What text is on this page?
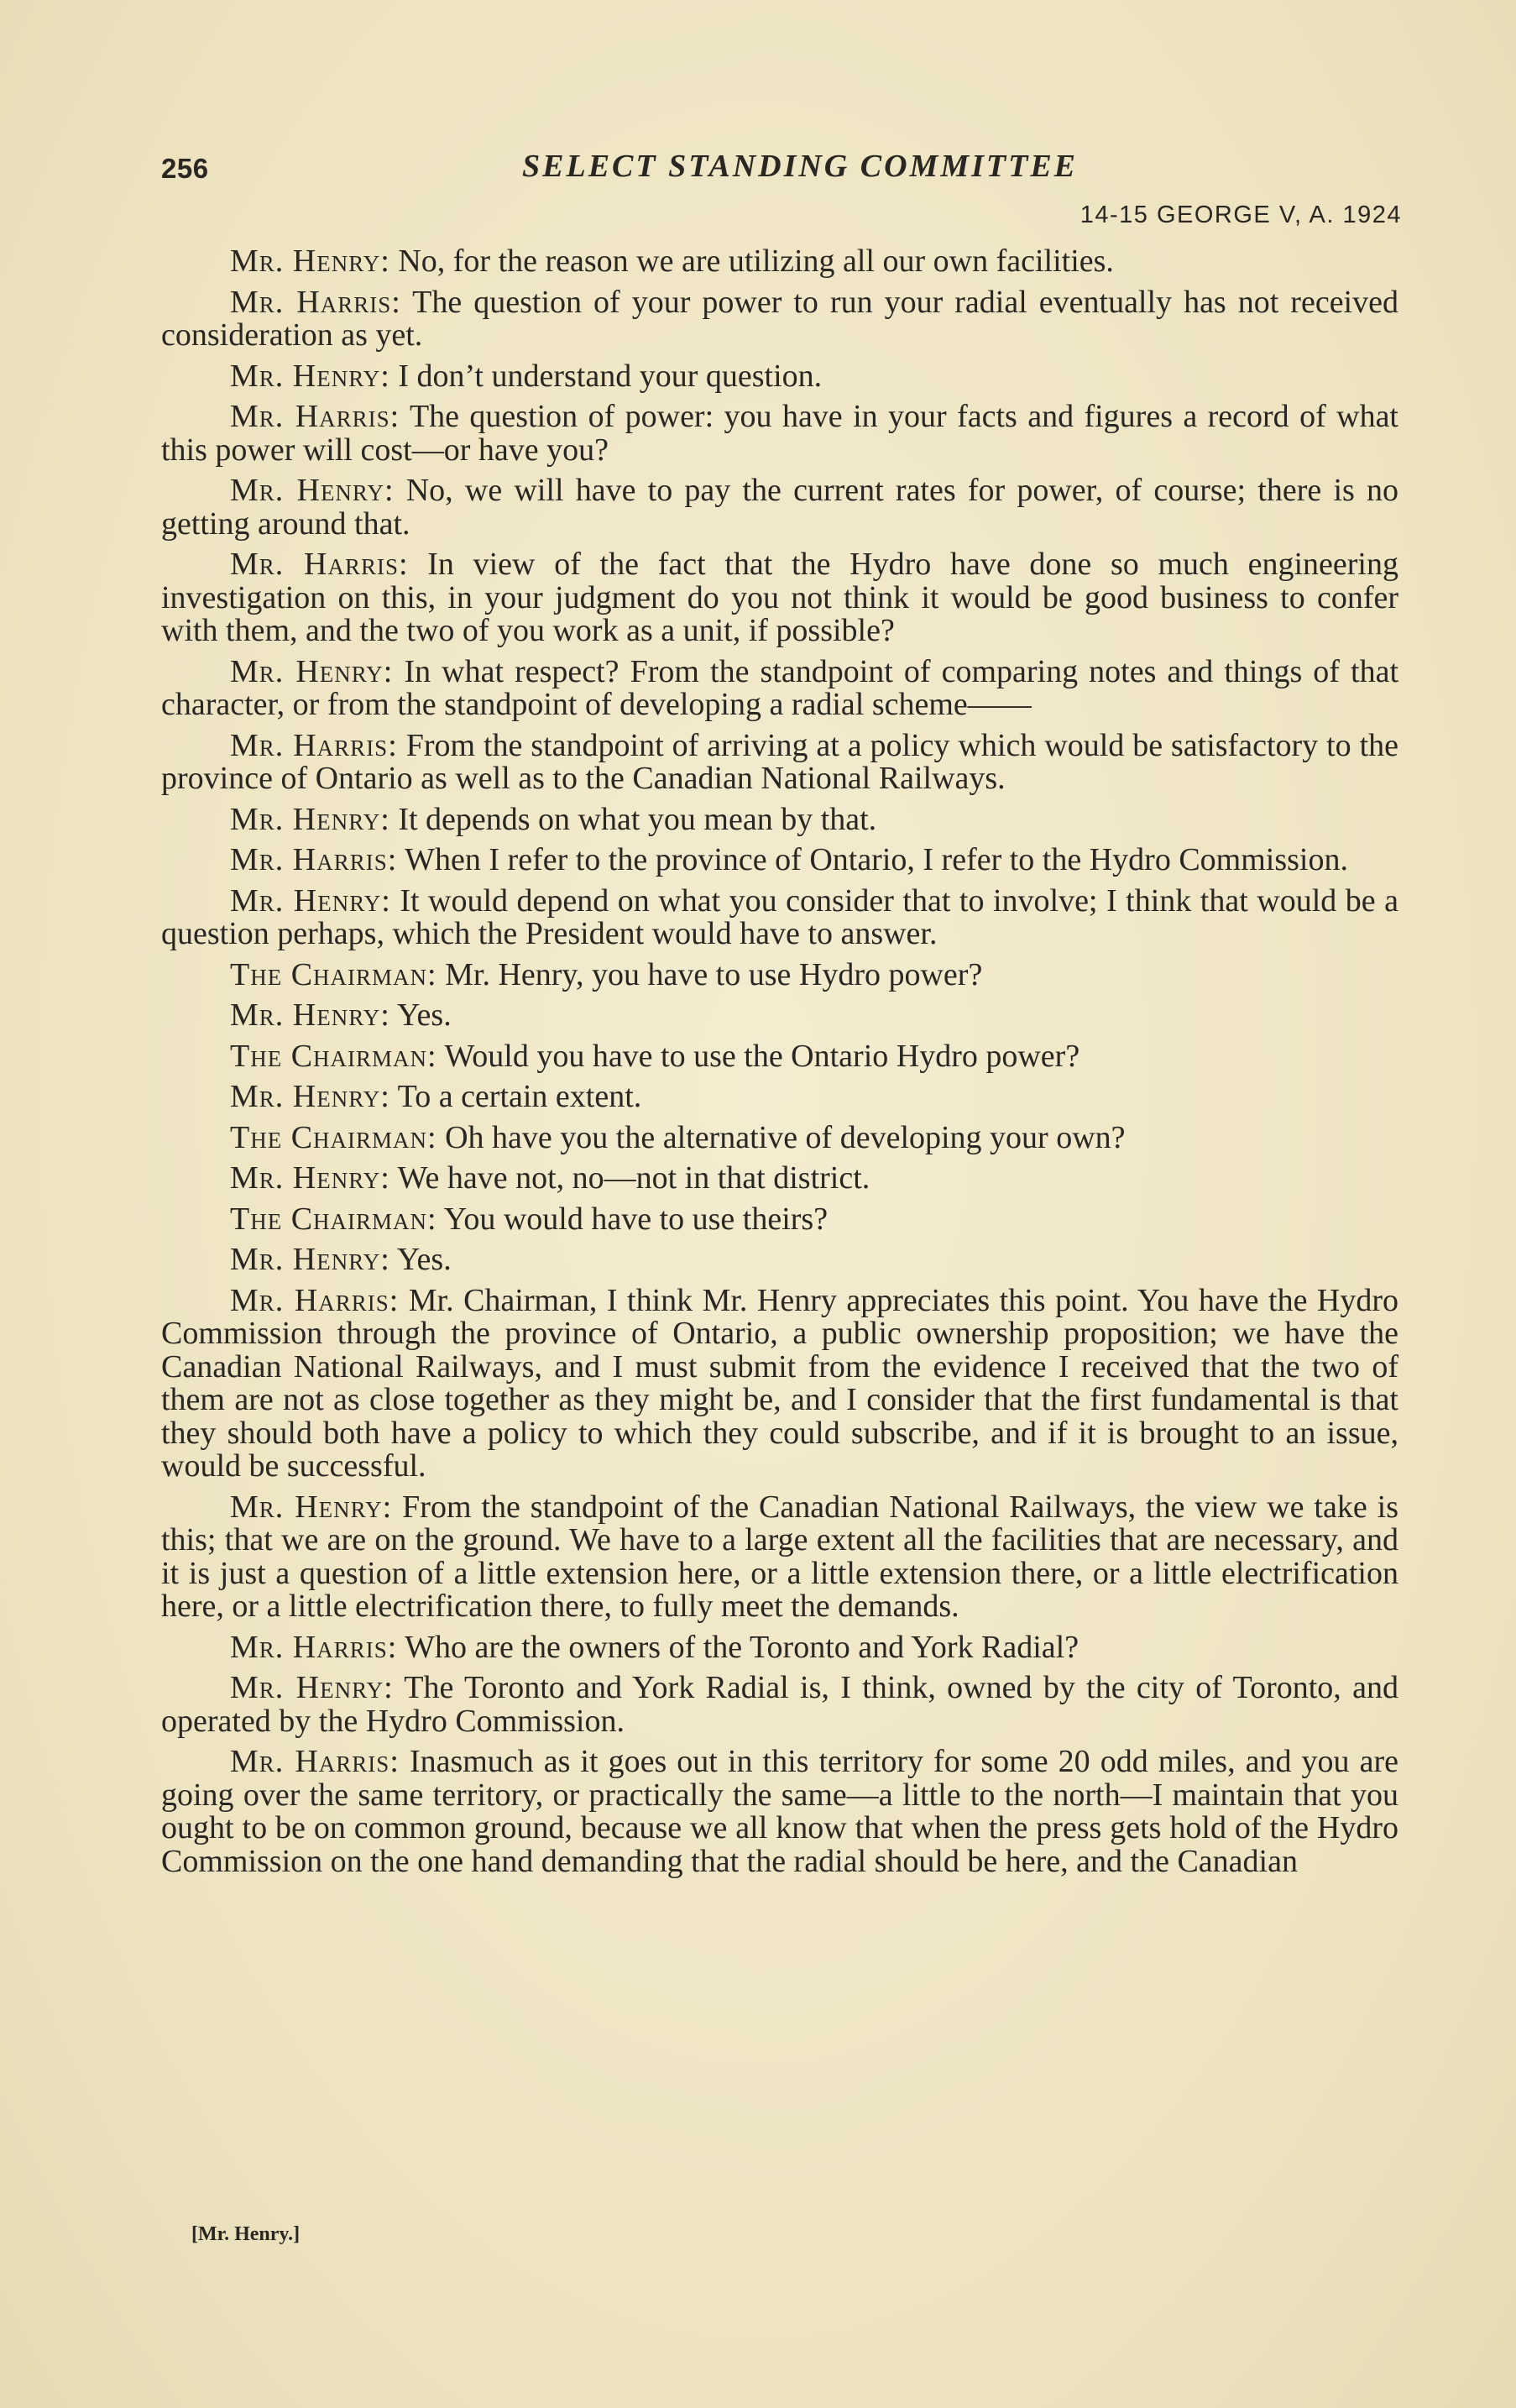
256	SELECT STANDING COMMITTEE
14-15 GEORGE V, A. 1924

Mr. Henry: No, for the reason we are utilizing all our own facilities.

Mr. Harris: The question of your power to run your radial eventually has not received consideration as yet.

Mr. Henry: I don’t understand your question.

Mr. Harris: The question of power: you have in your facts and figures a record of what this power will cost—or have you?

Mr. Henry: No, we will have to pay the current rates for power, of course; there is no getting around that.

Mr. Harris: In view of the fact that the Hydro have done so much engineering investigation on this, in your judgment do you not think it would be good business to confer with them, and the two of you work as a unit, if possible?

Mr. Henry: In what respect? From the standpoint of comparing notes and things of that character, or from the standpoint of developing a radial scheme——

Mr. Harris: From the standpoint of arriving at a policy which would be satisfactory to the province of Ontario as well as to the Canadian National Railways.

Mr. Henry: It depends on what you mean by that.

Mr. Harris: When I refer to the province of Ontario, I refer to the Hydro Commission.

Mr. Henry: It would depend on what you consider that to involve; I think that would be a question perhaps, which the President would have to answer.

The Chairman: Mr. Henry, you have to use Hydro power?

Mr. Henry: Yes.

The Chairman: Would you have to use the Ontario Hydro power?

Mr. Henry: To a certain extent.

The Chairman: Oh have you the alternative of developing your own?

Mr. Henry: We have not, no—not in that district.

The Chairman: You would have to use theirs?

Mr. Henry: Yes.

Mr. Harris: Mr. Chairman, I think Mr. Henry appreciates this point. You have the Hydro Commission through the province of Ontario, a public ownership proposition; we have the Canadian National Railways, and I must submit from the evidence I received that the two of them are not as close together as they might be, and I consider that the first fundamental is that they should both have a policy to which they could subscribe, and if it is brought to an issue, would be successful.

Mr. Henry: From the standpoint of the Canadian National Railways, the view we take is this; that we are on the ground. We have to a large extent all the facilities that are necessary, and it is just a question of a little extension here, or a little extension there, or a little electrification here, or a little electrification there, to fully meet the demands.

Mr. Harris: Who are the owners of the Toronto and York Radial?

Mr. Henry: The Toronto and York Radial is, I think, owned by the city of Toronto, and operated by the Hydro Commission.

Mr. Harris: Inasmuch as it goes out in this territory for some 20 odd miles, and you are going over the same territory, or practically the same—a little to the north—I maintain that you ought to be on common ground, because we all know that when the press gets hold of the Hydro Commission on the one hand demanding that the radial should be here, and the Canadian

[Mr. Henry.]
